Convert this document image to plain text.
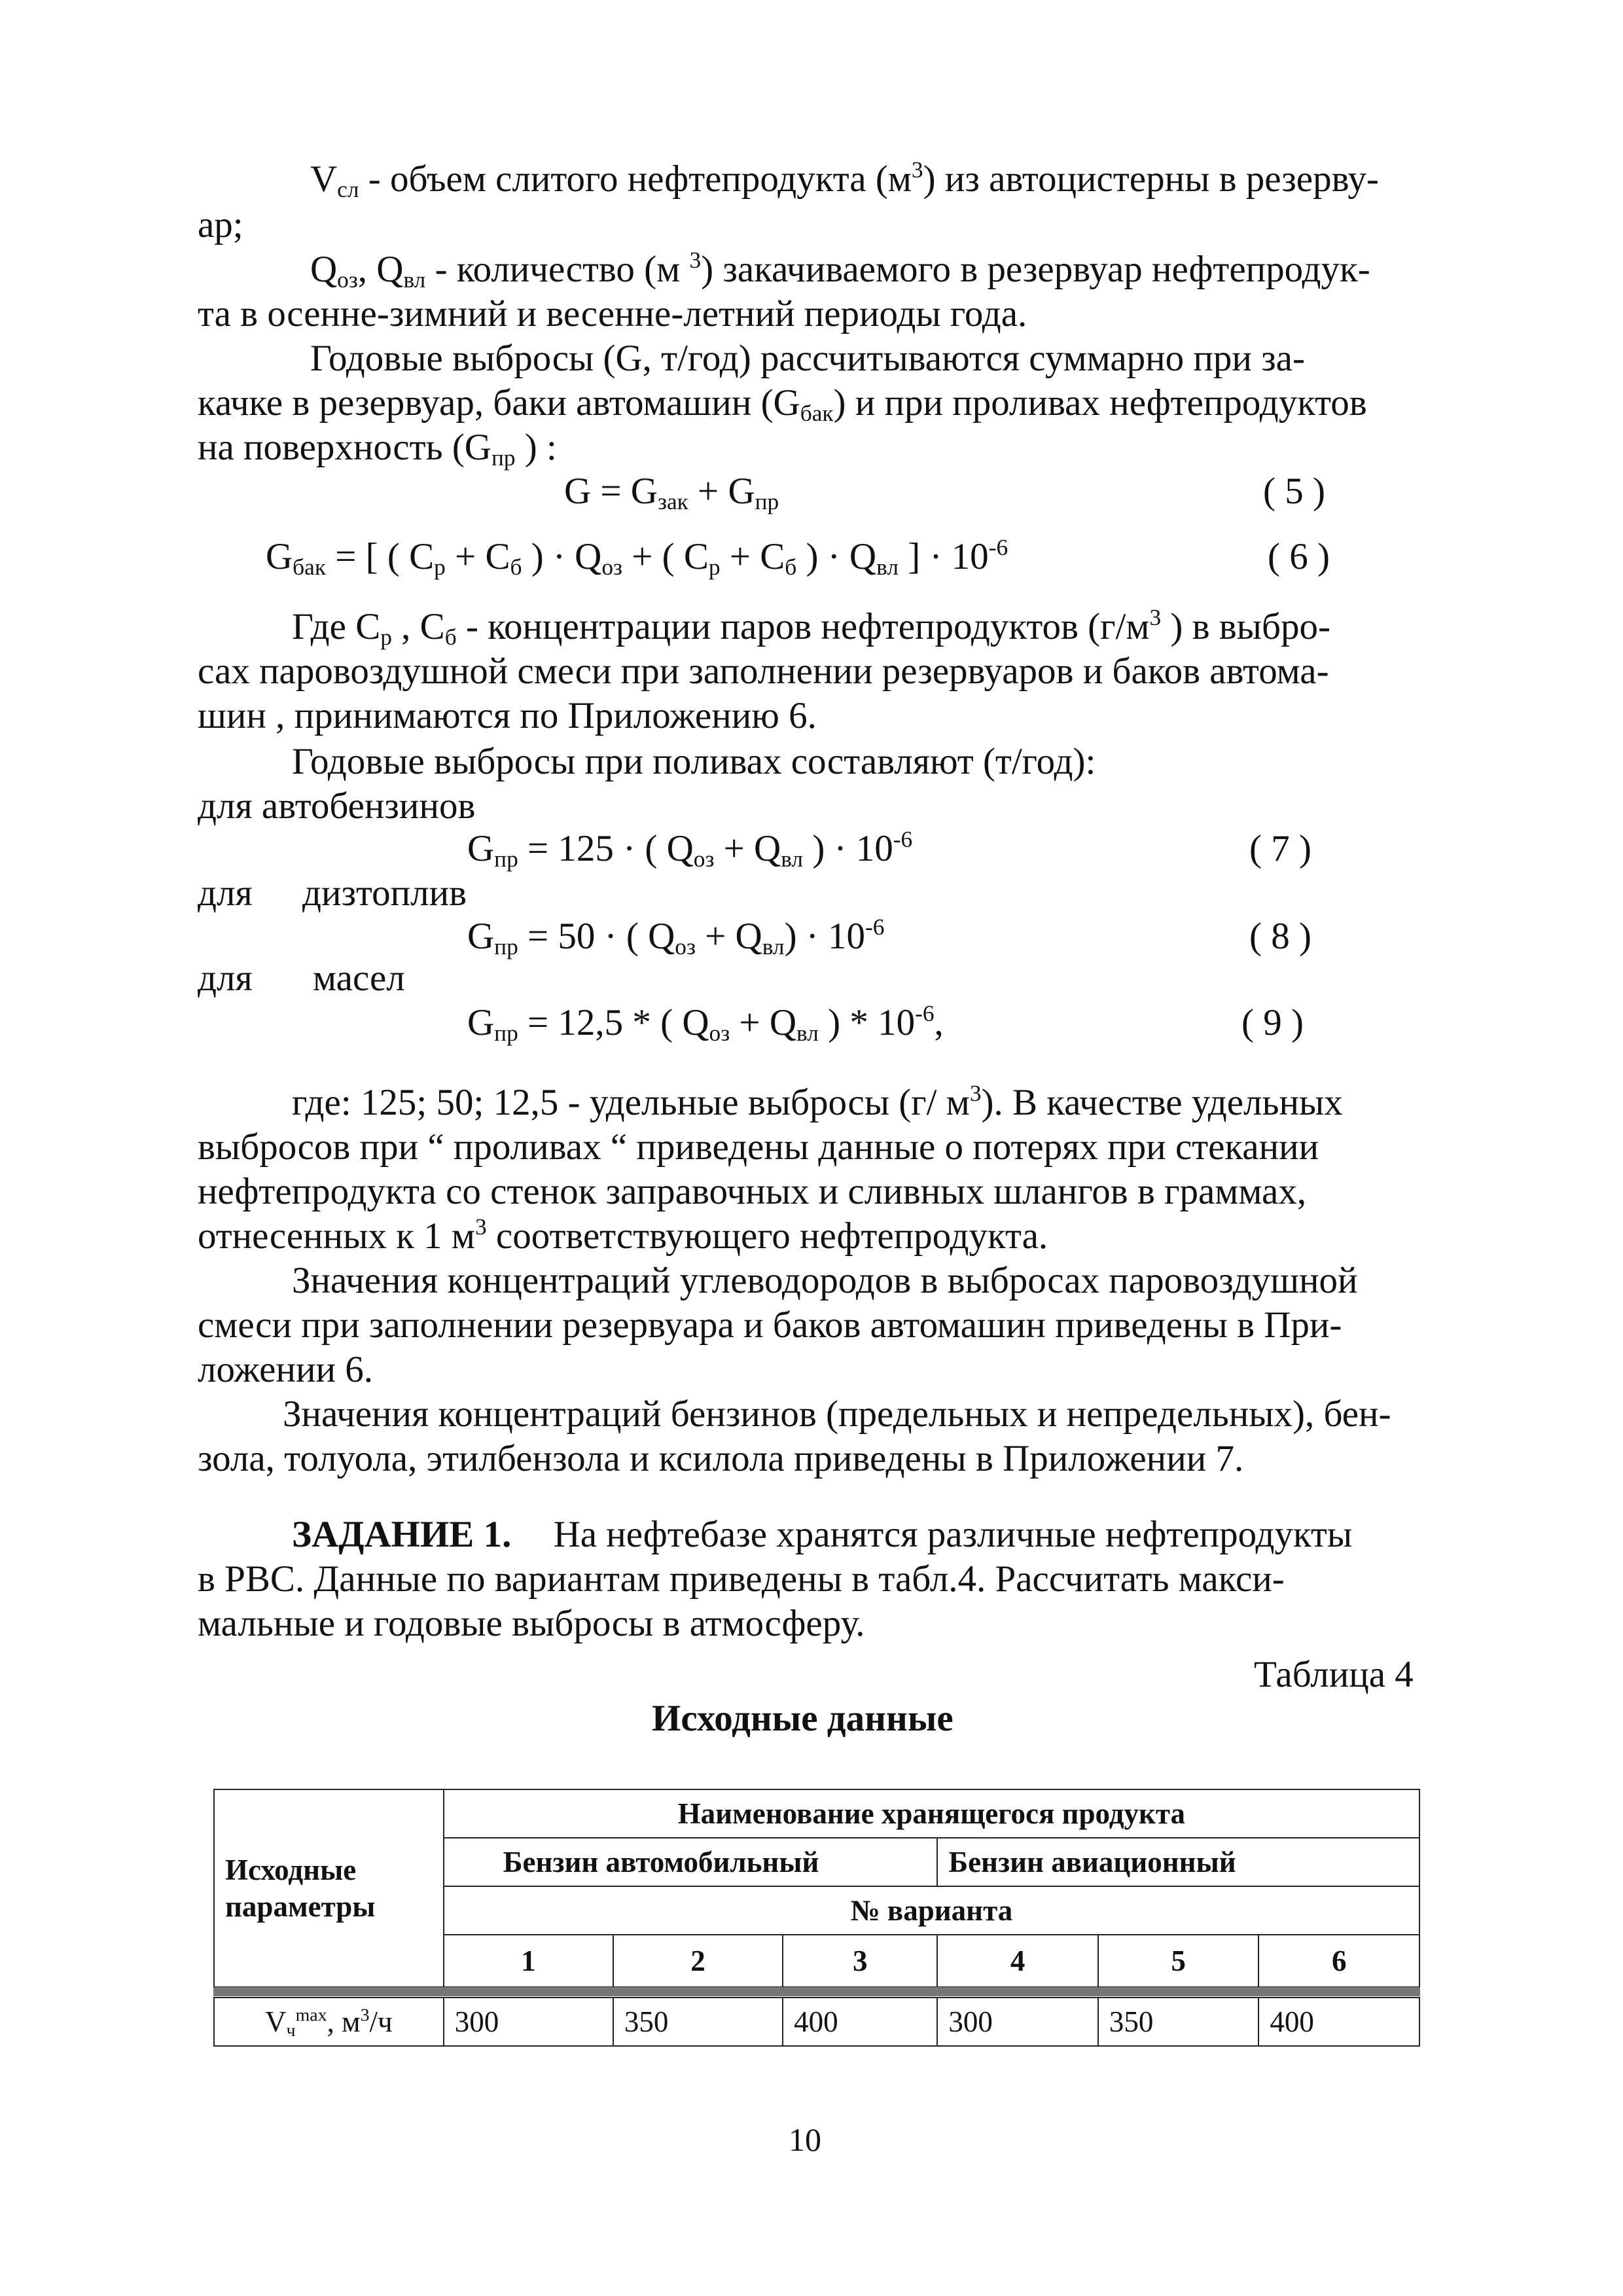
$V_{сл}$ - объем слитого нефтепродукта $(м^3)$ из автоцистерны в резерву-
ар;
$Q_{оз}$, $Q_{вл}$ - количество (м $^3$) закачиваемого в резервуар нефтепродук-
та в осенне-зимний и весенне-летний периоды года.
Годовые выбросы (G, т/год) рассчитываются суммарно при за-
качке в резервуар, баки автомашин $(G_{бак})$ и при проливах нефтепродуктов
на поверхность ($G_{пр}$ ) :
$G = G_{зак} + G_{пр}$	( 5 )
$G_{бак}$ = [ ( $C_р + C_б$ ) · $Q_{оз}$ + ( $C_р + C_б$ ) · $Q_{вл}$ ] · $10^{-6}$	( 6 )
Где $C_р$ , $C_б$ - концентрации паров нефтепродуктов ($г/м^3$ ) в выбро-
сах паровоздушной смеси при заполнении резервуаров и баков автома-
шин , принимаются по Приложению 6.
Годовые выбросы при поливах составляют (т/год):
для автобензинов
$G_{пр} = 125$ · ( $Q_{оз} + Q_{вл}$ ) · $10^{-6}$	( 7 )
для дизтоплив
$G_{пр} = 50$ · ( $Q_{оз} + Q_{вл}) \cdot 10^{-6}$	( 8 )
для масел
$G_{пр} = 12,5$ * ( $Q_{оз} + Q_{вл}$ ) * $10^{-6}$,	( 9 )
где: 125; 50; 12,5 - удельные выбросы (г/ $м^3$). В качестве удельных
выбросов при “ проливах “ приведены данные о потерях при стекании
нефтепродукта со стенок заправочных и сливных шлангов в граммах,
отнесенных к 1 $м^3$ соответствующего нефтепродукта.
Значения концентраций углеводородов в выбросах паровоздушной
смеси при заполнении резервуара и баков автомашин приведены в При-
ложении 6.
Значения концентраций бензинов (предельных и непредельных), бен-
зола, толуола, этилбензола и ксилола приведены в Приложении 7.
ЗАДАНИЕ 1. На нефтебазе хранятся различные нефтепродукты
в РВС. Данные по вариантам приведены в табл.4. Рассчитать макси-
мальные и годовые выбросы в атмосферу.
Таблица 4
Исходные данные
Исходные
параметры	Наименование хранящегося продукта					
	Бензин автомобильный			Бензин авиационный		
	№ варианта					
	1	2	3	4	5	6

$V_ч^{max}$, $м^3/ч$	300	350	400	300	350	400
10
